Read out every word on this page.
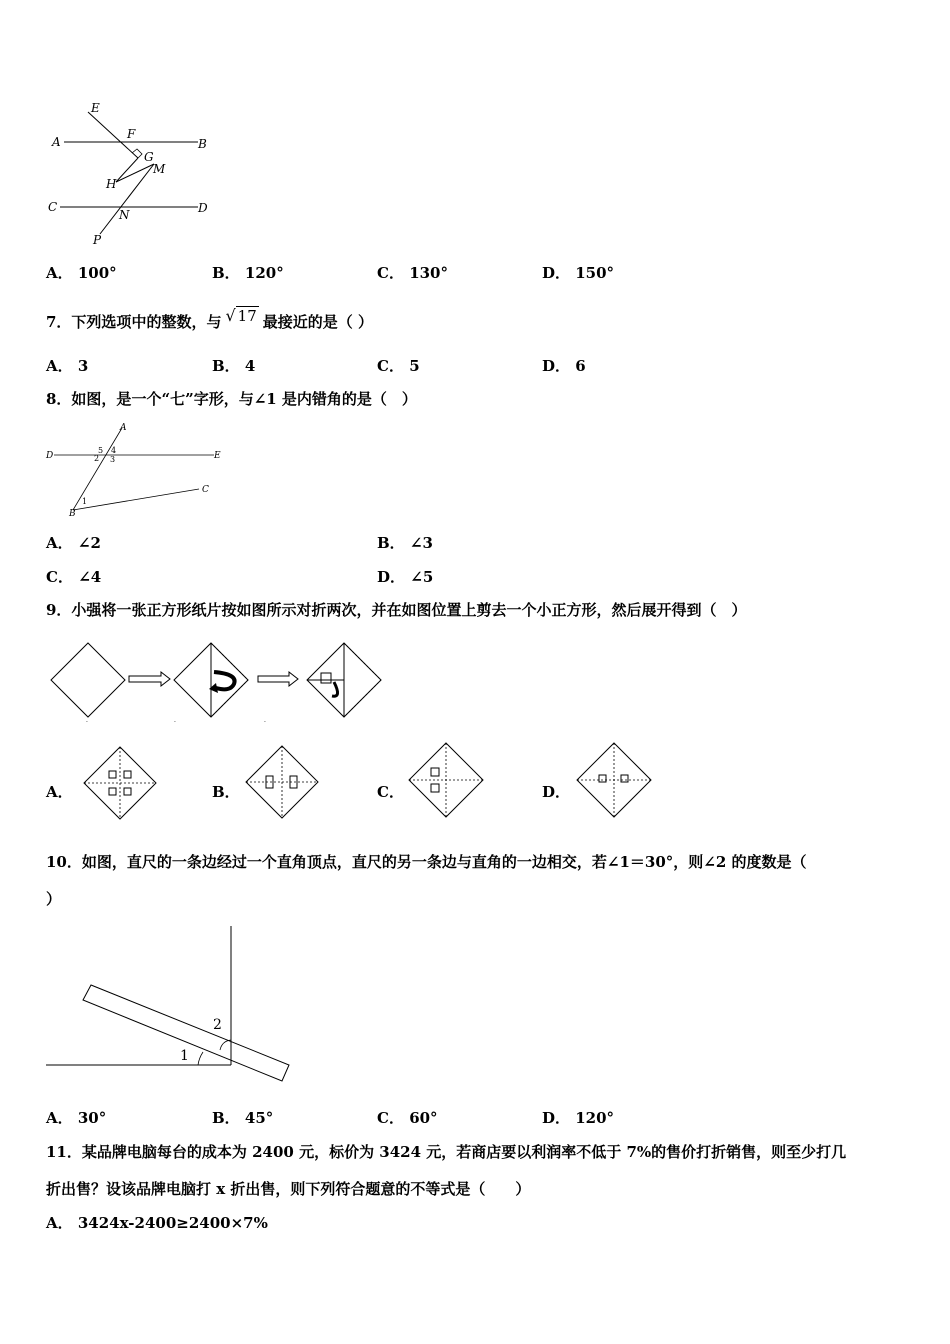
E
A
F
B
G
M
H
C
N	D
P
A． 100°	B． 120°	C． 130°	D． 150°
7．下列选项中的整数，与 √ 17 最接近的是（ ）
A． 3	B． 4	C． 5	D． 6
8．如图，是一个“七”字形，与∠1 是内错角的是（　）
A
D	E
B
C
1
2 3
4
5
A． ∠2	B． ∠3
C． ∠4	D． ∠5
9．小强将一张正方形纸片按如图所示对折两次，并在如图位置上剪去一个小正方形，然后展开得到（　）
.	.	.
A．	B．	C．	D．
10．如图，直尺的一条边经过一个直角顶点，直尺的另一条边与直角的一边相交，若∠1＝30°，则∠2 的度数是（
）
1
2
A． 30°	B． 45°	C． 60°	D． 120°
11．某品牌电脑每台的成本为 2400 元，标价为 3424 元，若商店要以利润率不低于 7%的售价打折销售，则至少打几
折出售？设该品牌电脑打 x 折出售，则下列符合题意的不等式是（　　）
A． 3424x-2400≥2400×7%
